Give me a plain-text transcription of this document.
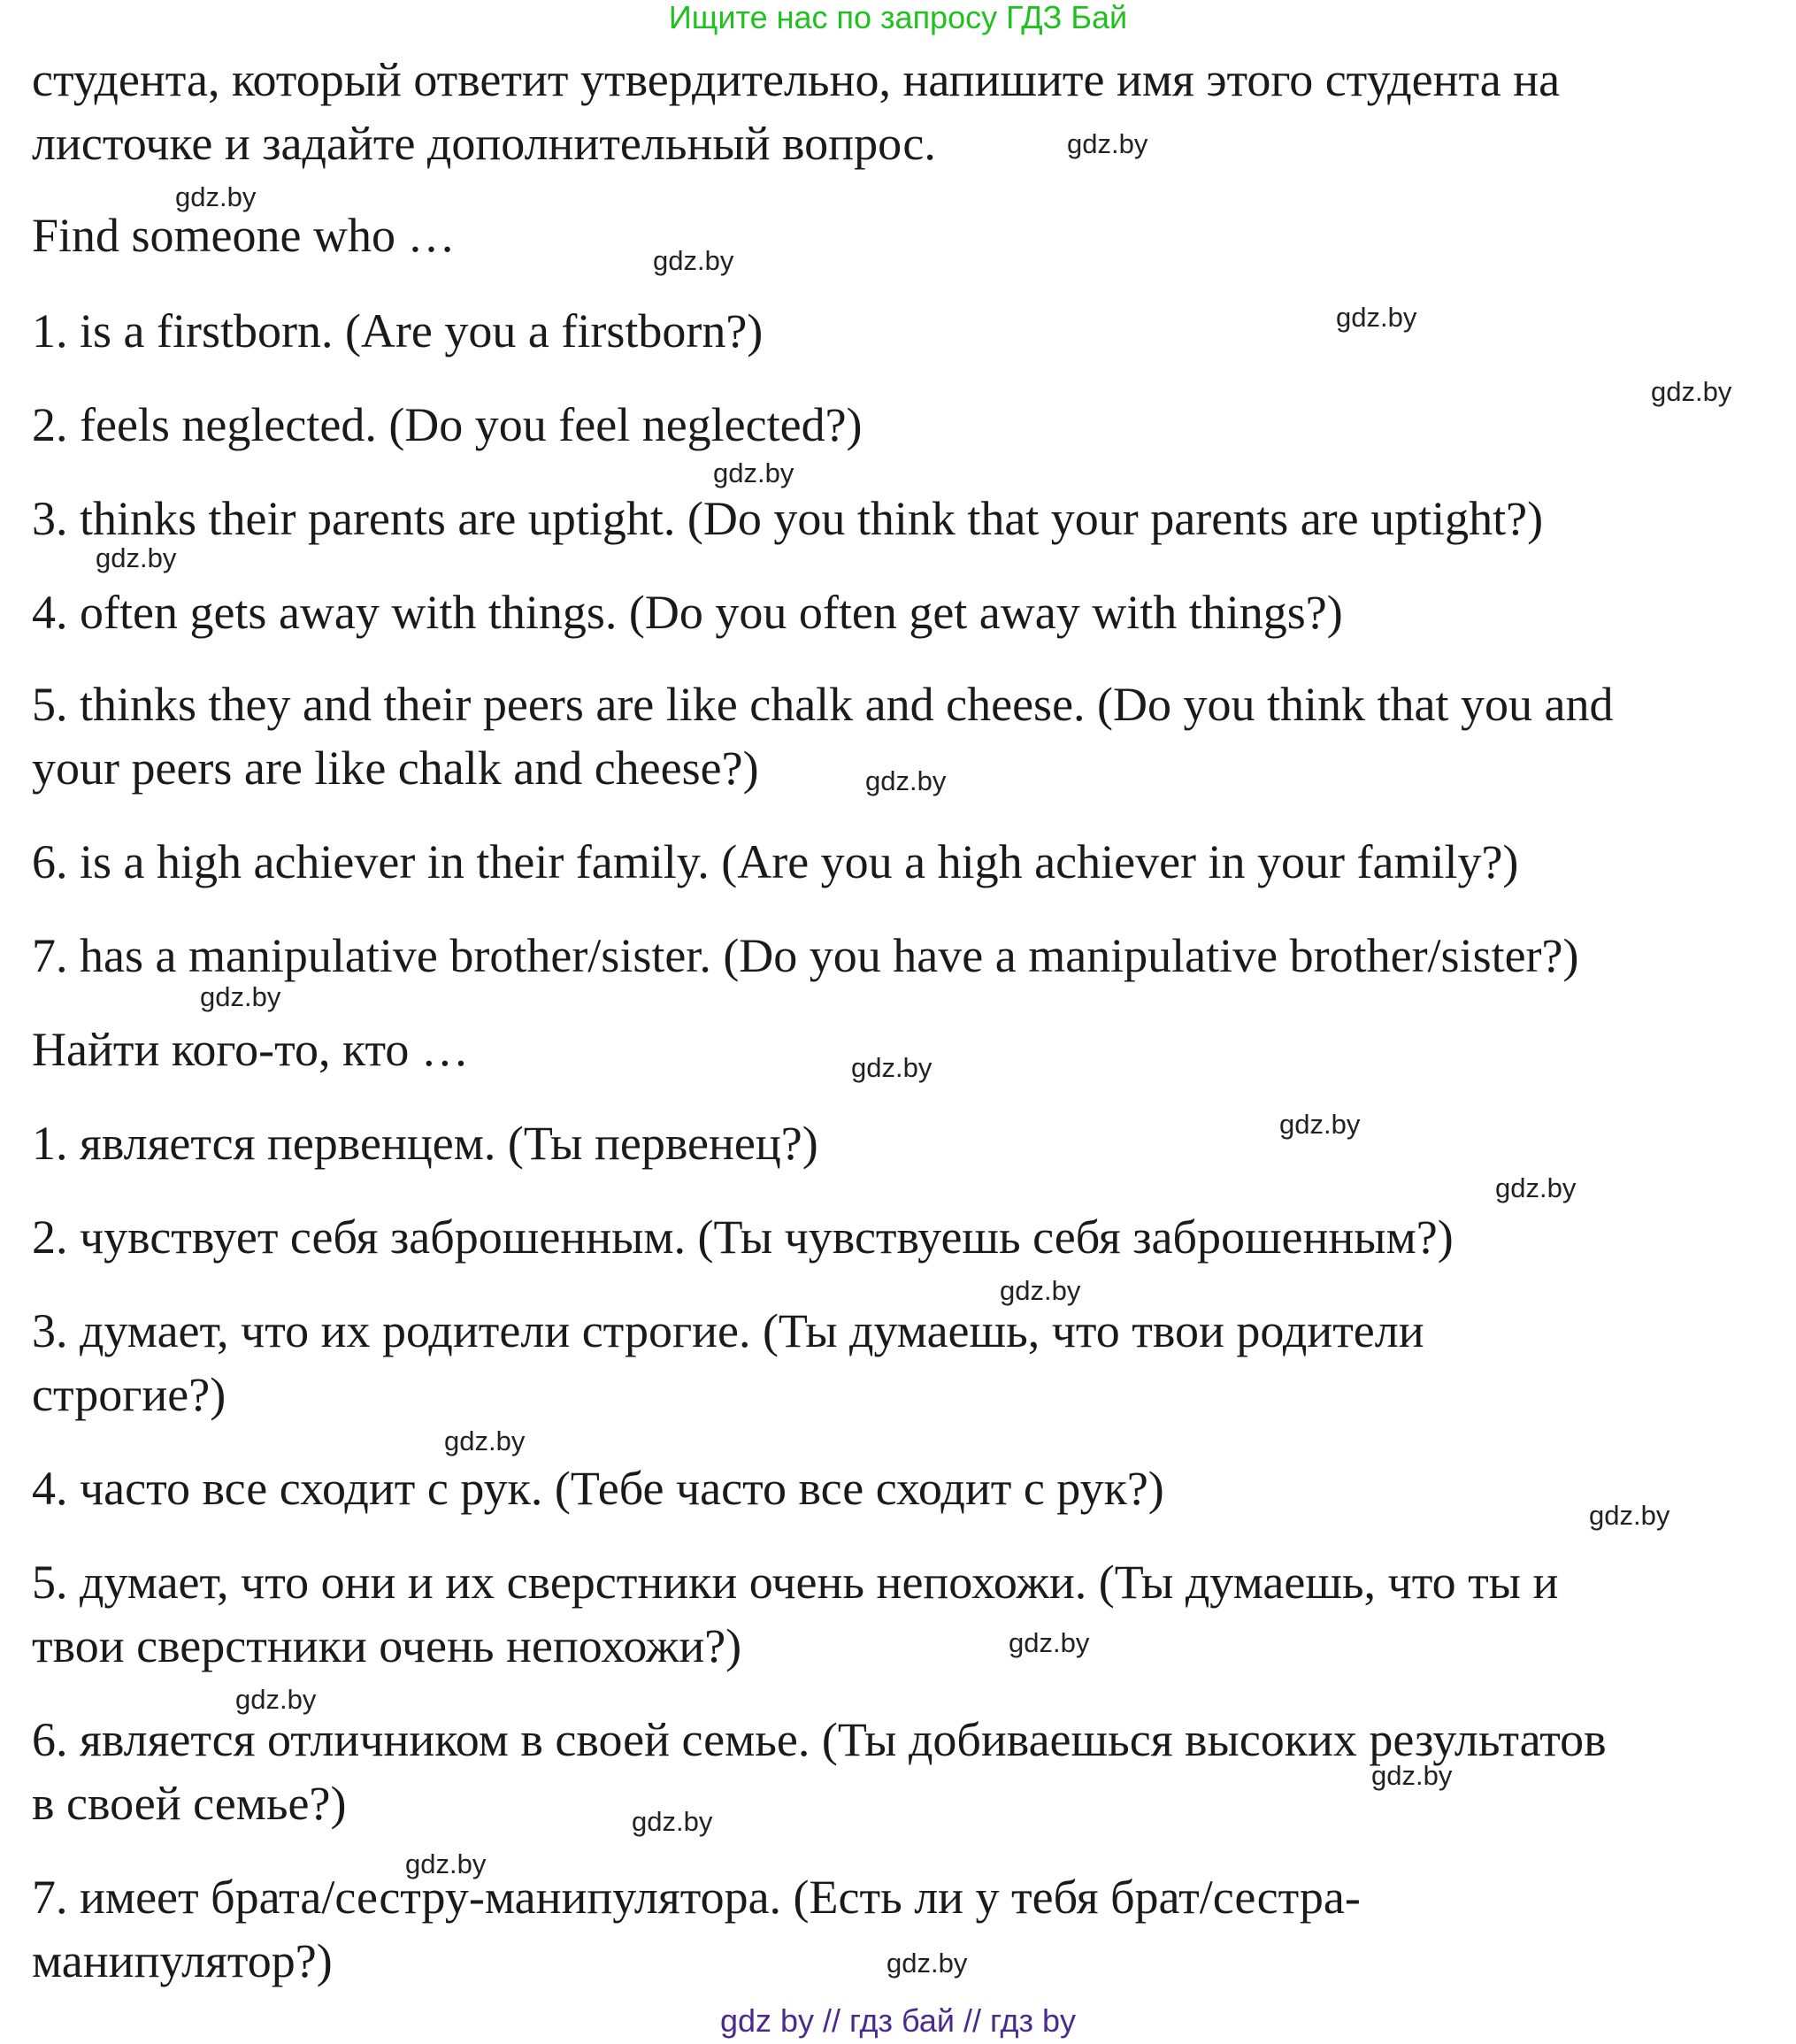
Ищите нас по запросу ГДЗ Бай
студента, который ответит утвердительно, напишите имя этого студента на
листочке и задайте дополнительный вопрос.
Find someone who …
1. is a firstborn. (Are you a firstborn?)
2. feels neglected. (Do you feel neglected?)
3. thinks their parents are uptight. (Do you think that your parents are uptight?)
4. often gets away with things. (Do you often get away with things?)
5. thinks they and their peers are like chalk and cheese. (Do you think that you and
your peers are like chalk and cheese?)
6. is a high achiever in their family. (Are you a high achiever in your family?)
7. has a manipulative brother/sister. (Do you have a manipulative brother/sister?)
Найти кого-то, кто …
1. является первенцем. (Ты первенец?)
2. чувствует себя заброшенным. (Ты чувствуешь себя заброшенным?)
3. думает, что их родители строгие. (Ты думаешь, что твои родители
строгие?)
4. часто все сходит с рук. (Тебе часто все сходит с рук?)
5. думает, что они и их сверстники очень непохожи. (Ты думаешь, что ты и
твои сверстники очень непохожи?)
6. является отличником в своей семье. (Ты добиваешься высоких результатов
в своей семье?)
7. имеет брата/сестру-манипулятора. (Есть ли у тебя брат/сестра-
манипулятор?)
gdz.by
gdz.by
gdz.by
gdz.by
gdz.by
gdz.by
gdz.by
gdz.by
gdz.by
gdz.by
gdz.by
gdz.by
gdz.by
gdz.by
gdz.by
gdz.by
gdz.by
gdz.by
gdz.by
gdz.by
gdz.by
gdz by // гдз бай // гдз by
